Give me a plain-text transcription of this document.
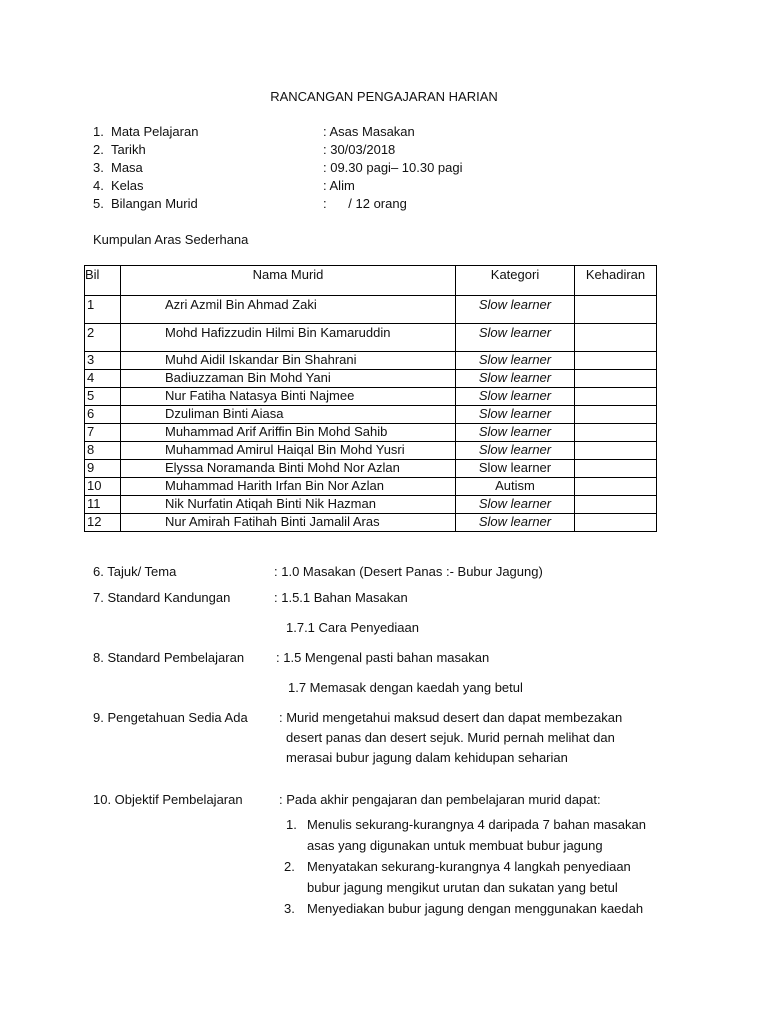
RANCANGAN PENGAJARAN HARIAN
1. Mata Pelajaran	: Asas Masakan
2. Tarikh	: 30/03/2018
3. Masa	: 09.30 pagi– 10.30 pagi
4. Kelas	: Alim
5. Bilangan Murid	:      / 12 orang
Kumpulan Aras Sederhana
Bil	Nama Murid	Kategori	Kehadiran
1	Azri Azmil Bin Ahmad Zaki	Slow learner	
2	Mohd Hafizzudin Hilmi Bin Kamaruddin	Slow learner	
3	Muhd Aidil Iskandar Bin Shahrani	Slow learner	
4	Badiuzzaman Bin Mohd Yani	Slow learner	
5	Nur Fatiha Natasya Binti Najmee	Slow learner	
6	Dzuliman Binti Aiasa	Slow learner	
7	Muhammad Arif Ariffin Bin Mohd Sahib	Slow learner	
8	Muhammad Amirul Haiqal Bin Mohd Yusri	Slow learner	
9	Elyssa Noramanda Binti Mohd Nor Azlan	Slow learner	
10	Muhammad Harith Irfan Bin Nor Azlan	Autism	
11	Nik Nurfatin Atiqah Binti Nik Hazman	Slow learner	
12	Nur Amirah Fatihah Binti Jamalil Aras	Slow learner	
6. Tajuk/ Tema	: 1.0 Masakan (Desert Panas :- Bubur Jagung)
7. Standard Kandungan	: 1.5.1 Bahan Masakan
1.7.1 Cara Penyediaan
8. Standard Pembelajaran : 1.5 Mengenal pasti bahan masakan
1.7 Memasak dengan kaedah yang betul
9. Pengetahuan Sedia Ada : Murid mengetahui maksud desert dan dapat membezakan
desert panas dan desert sejuk. Murid pernah melihat dan
merasai bubur jagung dalam kehidupan seharian
10. Objektif Pembelajaran	: Pada akhir pengajaran dan pembelajaran murid dapat:
1. Menulis sekurang-kurangnya 4 daripada 7 bahan masakan
asas yang digunakan untuk membuat bubur jagung
2. Menyatakan sekurang-kurangnya 4 langkah penyediaan
bubur jagung mengikut urutan dan sukatan yang betul
3. Menyediakan bubur jagung dengan menggunakan kaedah
